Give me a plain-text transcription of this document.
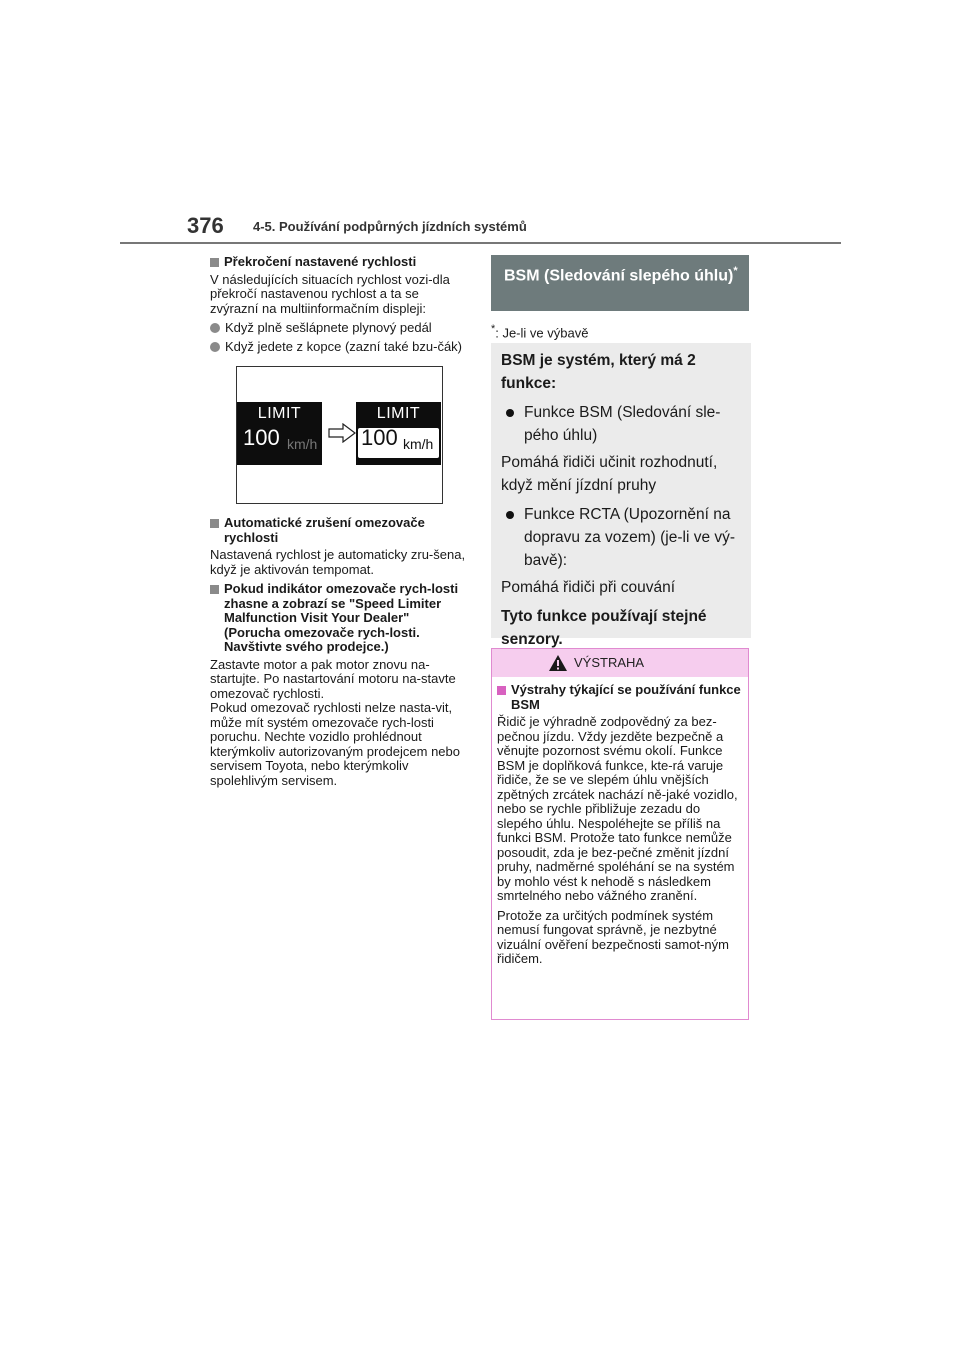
376 4-5. Používání podpůrných jízdních systémů
Překročení nastavené rychlosti

V následujících situacích rychlost vozi-dla překročí nastavenou rychlost a ta se zvýrazní na multiinformačním displeji:

Když plně sešlápnete plynový pedál
Když jedete z kopce (zazní také bzu-čák)
LIMIT
100 km/h
LIMIT
100 km/h
Automatické zrušení omezovače rychlosti

Nastavená rychlost je automaticky zru-šena, když je aktivován tempomat.

Pokud indikátor omezovače rych-losti zhasne a zobrazí se "Speed Limiter Malfunction Visit Your Dealer" (Porucha omezovače rych-losti. Navštivte svého prodejce.)

Zastavte motor a pak motor znovu na-startujte. Po nastartování motoru na-stavte omezovač rychlosti.

Pokud omezovač rychlosti nelze nasta-vit, může mít systém omezovače rych-losti poruchu. Nechte vozidlo prohlédnout kterýmkoliv autorizovaným prodejcem nebo servisem Toyota, nebo kterýmkoliv spolehlivým servisem.

BSM (Sledování slepého úhlu)*
*: Je-li ve výbavě

BSM je systém, který má 2 funkce:

Funkce BSM (Sledování sle-pého úhlu)

Pomáhá řidiči učinit rozhodnutí, když mění jízdní pruhy

Funkce RCTA (Upozornění na dopravu za vozem) (je-li ve vý-bavě):

Pomáhá řidiči při couvání

Tyto funkce používají stejné senzory.

VÝSTRAHA
Výstrahy týkající se používání funkce BSM

Řidič je výhradně zodpovědný za bez-pečnou jízdu. Vždy jezděte bezpečně a věnujte pozornost svému okolí. Funkce BSM je doplňková funkce, kte-rá varuje řidiče, že se ve slepém úhlu vnějších zpětných zrcátek nachází ně-jaké vozidlo, nebo se rychle přibližuje zezadu do slepého úhlu. Nespoléhejte se příliš na funkci BSM. Protože tato funkce nemůže posoudit, zda je bez-pečné změnit jízdní pruhy, nadměrné spoléhání se na systém by mohlo vést k nehodě s následkem smrtelného nebo vážného zranění.

Protože za určitých podmínek systém nemusí fungovat správně, je nezbytné vizuální ověření bezpečnosti samot-ným řidičem.
